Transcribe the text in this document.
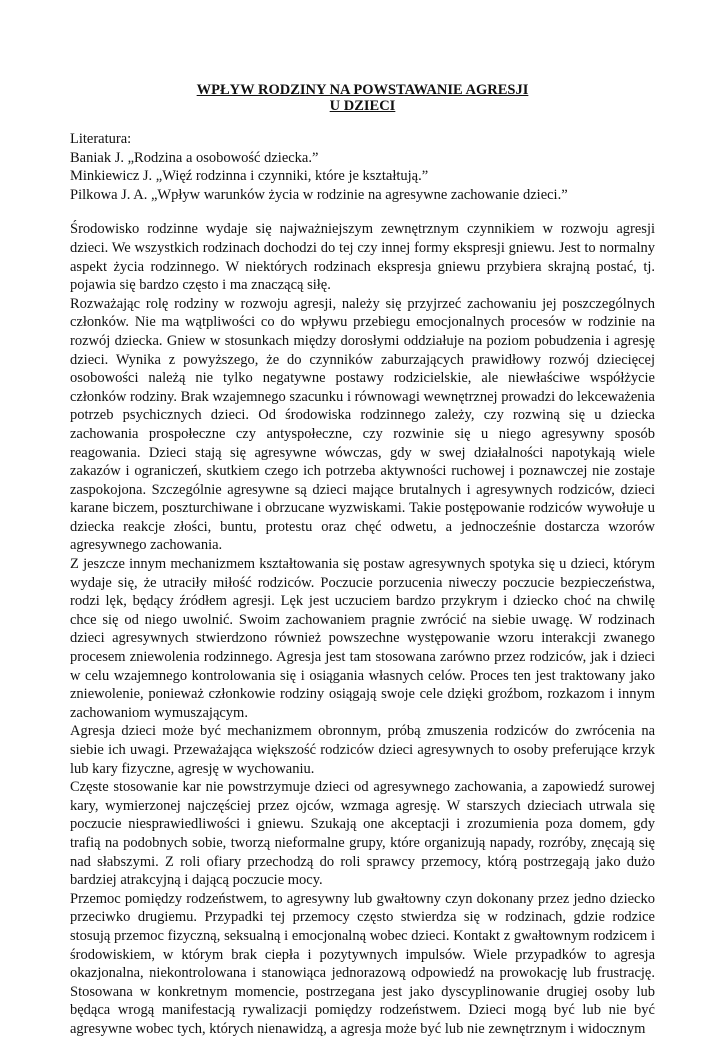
WPŁYW RODZINY NA POWSTAWANIE AGRESJI
U DZIECI
Literatura:
Baniak J. „Rodzina a osobowość dziecka.”
Minkiewicz J. „Więź rodzinna i czynniki, które je kształtują.”
Pilkowa J. A. „Wpływ warunków życia w rodzinie na agresywne zachowanie dzieci.”

Środowisko rodzinne wydaje się najważniejszym zewnętrznym czynnikiem w rozwoju agresji dzieci. We wszystkich rodzinach dochodzi do tej czy innej formy ekspresji gniewu. Jest to normalny aspekt życia rodzinnego. W niektórych rodzinach ekspresja gniewu przybiera skrajną postać, tj. pojawia się bardzo często i ma znaczącą siłę.

Rozważając rolę rodziny w rozwoju agresji, należy się przyjrzeć zachowaniu jej poszczególnych członków. Nie ma wątpliwości co do wpływu przebiegu emocjonalnych procesów w rodzinie na rozwój dziecka. Gniew w stosunkach między dorosłymi oddziałuje na poziom pobudzenia i agresję dzieci. Wynika z powyższego, że do czynników zaburzających prawidłowy rozwój dziecięcej osobowości należą nie tylko negatywne postawy rodzicielskie, ale niewłaściwe współżycie członków rodziny. Brak wzajemnego szacunku i równowagi wewnętrznej prowadzi do lekceważenia potrzeb psychicznych dzieci. Od środowiska rodzinnego zależy, czy rozwiną się u dziecka zachowania prospołeczne czy antyspołeczne, czy rozwinie się u niego agresywny sposób reagowania. Dzieci stają się agresywne wówczas, gdy w swej działalności napotykają wiele zakazów i ograniczeń, skutkiem czego ich potrzeba aktywności ruchowej i poznawczej nie zostaje zaspokojona. Szczególnie agresywne są dzieci mające brutalnych i agresywnych rodziców, dzieci karane biczem, poszturchiwane i obrzucane wyzwiskami. Takie postępowanie rodziców wywołuje u dziecka reakcje złości, buntu, protestu oraz chęć odwetu, a jednocześnie dostarcza wzorów agresywnego zachowania.

Z jeszcze innym mechanizmem kształtowania się postaw agresywnych spotyka się u dzieci, którym wydaje się, że utraciły miłość rodziców. Poczucie porzucenia niweczy poczucie bezpieczeństwa, rodzi lęk, będący źródłem agresji. Lęk jest uczuciem bardzo przykrym i dziecko choć na chwilę chce się od niego uwolnić. Swoim zachowaniem pragnie zwrócić na siebie uwagę. W rodzinach dzieci agresywnych stwierdzono również powszechne występowanie wzoru interakcji zwanego procesem zniewolenia rodzinnego. Agresja jest tam stosowana zarówno przez rodziców, jak i dzieci w celu wzajemnego kontrolowania się i osiągania własnych celów. Proces ten jest traktowany jako zniewolenie, ponieważ członkowie rodziny osiągają swoje cele dzięki groźbom, rozkazom i innym zachowaniom wymuszającym.

Agresja dzieci może być mechanizmem obronnym, próbą zmuszenia rodziców do zwrócenia na siebie ich uwagi. Przeważająca większość rodziców dzieci agresywnych to osoby preferujące krzyk lub kary fizyczne, agresję w wychowaniu.

Częste stosowanie kar nie powstrzymuje dzieci od agresywnego zachowania, a zapowiedź surowej kary, wymierzonej najczęściej przez ojców, wzmaga agresję. W starszych dzieciach utrwala się poczucie niesprawiedliwości i gniewu. Szukają one akceptacji i zrozumienia poza domem, gdy trafią na podobnych sobie, tworzą nieformalne grupy, które organizują napady, rozróby, znęcają się nad słabszymi. Z roli ofiary przechodzą do roli sprawcy przemocy, którą postrzegają jako dużo bardziej atrakcyjną i dającą poczucie mocy.

Przemoc pomiędzy rodzeństwem, to agresywny lub gwałtowny czyn dokonany przez jedno dziecko przeciwko drugiemu. Przypadki tej przemocy często stwierdza się w rodzinach, gdzie rodzice stosują przemoc fizyczną, seksualną i emocjonalną wobec dzieci. Kontakt z gwałtownym rodzicem i środowiskiem, w którym brak ciepła i pozytywnych impulsów. Wiele przypadków to agresja okazjonalna, niekontrolowana i stanowiąca jednorazową odpowiedź na prowokację lub frustrację. Stosowana w konkretnym momencie, postrzegana jest jako dyscyplinowanie drugiej osoby lub będąca wrogą manifestacją rywalizacji pomiędzy rodzeństwem. Dzieci mogą być lub nie być agresywne wobec tych, których nienawidzą, a agresja może być lub nie zewnętrznym i widocznym
